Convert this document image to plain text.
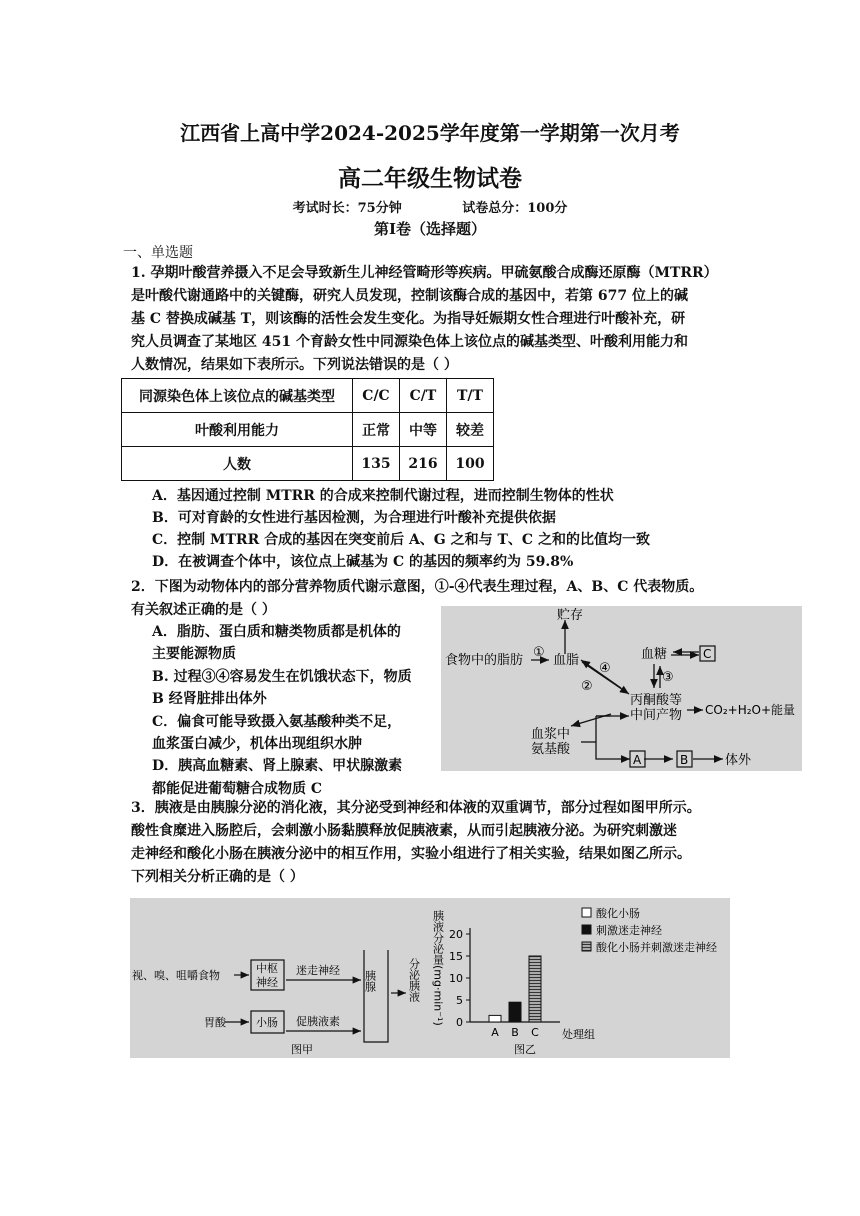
江西省上高中学2024-2025学年度第一学期第一次月考
高二年级生物试卷
考试时长：75分钟	试卷总分：100分
第Ⅰ卷（选择题）
一、单选题
1. 孕期叶酸营养摄入不足会导致新生儿神经管畸形等疾病。甲硫氨酸合成酶还原酶（MTRR）
是叶酸代谢通路中的关键酶，研究人员发现，控制该酶合成的基因中，若第 677 位上的碱
基 C 替换成碱基 T，则该酶的活性会发生变化。为指导妊娠期女性合理进行叶酸补充，研
究人员调查了某地区 451 个育龄女性中同源染色体上该位点的碱基类型、叶酸利用能力和
人数情况，结果如下表所示。下列说法错误的是（ ）
同源染色体上该位点的碱基类型	C/C	C/T	T/T
叶酸利用能力	正常	中等	较差
人数	135	216	100
A．基因通过控制 MTRR 的合成来控制代谢过程，进而控制生物体的性状
B．可对育龄的女性进行基因检测，为合理进行叶酸补充提供依据
C．控制 MTRR 合成的基因在突变前后 A、G 之和与 T、C 之和的比值均一致
D．在被调查个体中，该位点上碱基为 C 的基因的频率约为 59.8%
2．下图为动物体内的部分营养物质代谢示意图，①-④代表生理过程，A、B、C 代表物质。
有关叙述正确的是（ ）
A．脂肪、蛋白质和糖类物质都是机体的
主要能源物质
B. 过程③④容易发生在饥饿状态下，物质
B 经肾脏排出体外
C．偏食可能导致摄入氨基酸种类不足，
血浆蛋白减少，机体出现组织水肿
D．胰高血糖素、肾上腺素、甲状腺激素
都能促进葡萄糖合成物质 C
贮存
食物中的脂肪
①
血脂	血糖	C
④
②
③
丙酮酸等
中间产物 CO₂+H₂O+能量
血浆中
氨基酸
A	B	体外
3．胰液是由胰腺分泌的消化液，其分泌受到神经和体液的双重调节，部分过程如图甲所示。
酸性食糜进入肠腔后，会刺激小肠黏膜释放促胰液素，从而引起胰液分泌。为研究刺激迷
走神经和酸化小肠在胰液分泌中的相互作用，实验小组进行了相关实验，结果如图乙所示。
下列相关分析正确的是（ ）
视、嗅、咀嚼食物
中枢
神经
迷走神经
胃酸	小肠 促胰液素
胰腺	分泌胰液
图甲
胰液分泌量(mg·min⁻¹) 0
5
10
15
20
A B C
图乙
处理组
酸化小肠
刺激迷走神经
酸化小肠并刺激迷走神经
